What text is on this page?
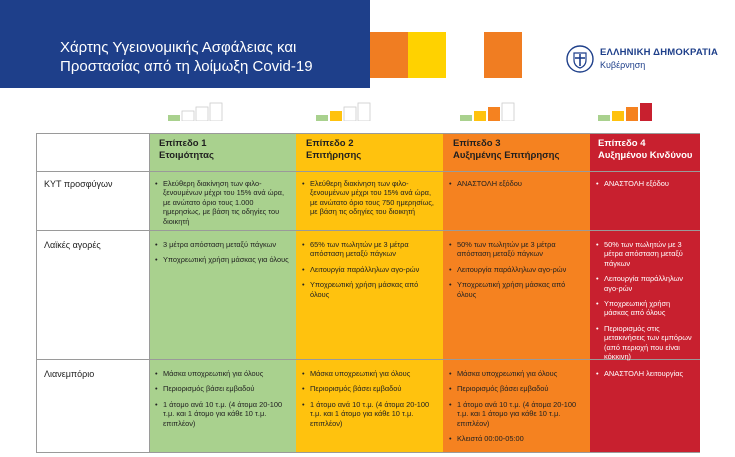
Χάρτης Υγειονομικής Ασφάλειας και
Προστασίας από τη λοίμωξη Covid-19
ΕΛΛΗΝΙΚΗ ΔΗΜΟΚΡΑΤΙΑ
Κυβέρνηση
Επίπεδο 1
Ετοιμότητας
Επίπεδο 2
Επιτήρησης
Επίπεδο 3
Αυξημένης Επιτήρησης
Επίπεδο 4
Αυξημένου Κινδύνου
ΚΥΤ προσφύγων
Λαϊκές αγορές
Λιανεμπόριο
• Ελεύθερη διακίνηση των φιλο-ξενουμένων μέχρι του 15% ανά ώρα, με ανώτατο όριο τους 1.000 ημερησίως, με βάση τις οδηγίες του διοικητή
• Ελεύθερη διακίνηση των φιλο-ξενουμένων μέχρι του 15% ανά ώρα, με ανώτατο όριο τους 750 ημερησίως, με βάση τις οδηγίες του διοικητή
• ΑΝΑΣΤΟΛΗ εξόδου
•	ΑΝΑΣΤΟΛΗ εξόδου
• 3 μέτρα απόσταση μεταξύ πάγκων
• Υποχρεωτική χρήση μάσκας για όλους
• 65% των πωλητών με 3 μέτρα απόσταση μεταξύ πάγκων
• Λειτουργία παράλληλων αγο-ρών
• Υποχρεωτική χρήση μάσκας από όλους
• 50% των πωλητών με 3 μέτρα απόσταση μεταξύ πάγκων
• Λειτουργία παράλληλων αγο-ρών
• Υποχρεωτική χρήση μάσκας από όλους
• 50% των πωλητών με 3 μέτρα απόσταση μεταξύ πάγκων
• Λειτουργία παράλληλων αγο-ρών
• Υποχρεωτική χρήση μάσκας από όλους
• Περιορισμός στις μετακινήσεις των εμπόρων (από περιοχή που είναι κόκκινη)
• Μάσκα υποχρεωτική για όλους
• Περιορισμός βάσει εμβαδού
• 1 άτομο ανά 10 τ.μ. (4 άτομα 20-100 τ.μ. και 1 άτομο για κάθε 10 τ.μ. επιπλέον)
• Μάσκα υποχρεωτική για όλους
• Περιορισμός βάσει εμβαδού
• 1 άτομο ανά 10 τ.μ. (4 άτομα 20-100 τ.μ. και 1 άτομο για κάθε 10 τ.μ. επιπλέον)
• Μάσκα υποχρεωτική για όλους
• Περιορισμός βάσει εμβαδού
• 1 άτομο ανά 10 τ.μ. (4 άτομα 20-100 τ.μ. και 1 άτομο για κάθε 10 τ.μ. επιπλέον)
• Κλειστά 00:00-05:00
• ΑΝΑΣΤΟΛΗ λειτουργίας
